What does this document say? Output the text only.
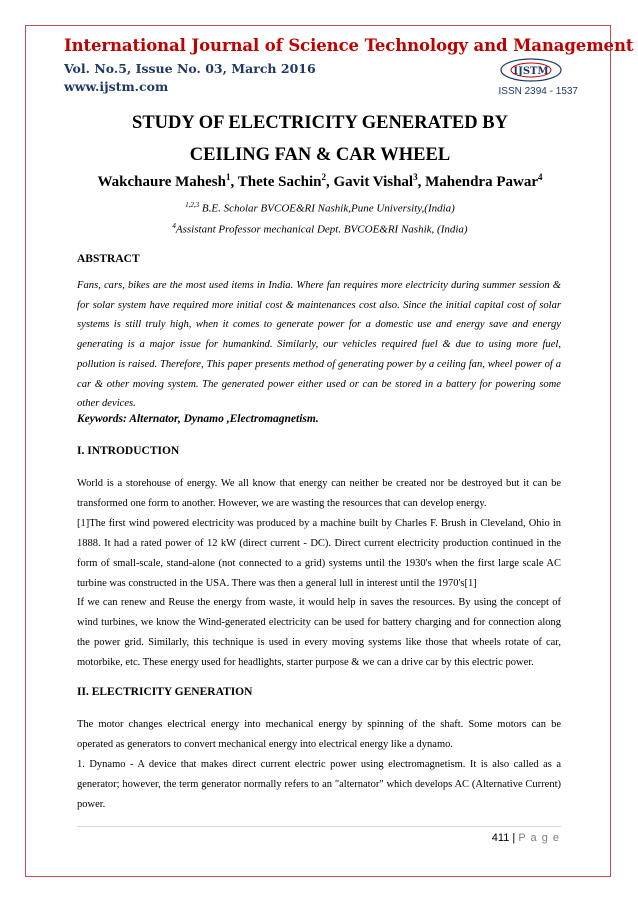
International Journal of Science Technology and Management
Vol. No.5, Issue No. 03, March 2016
www.ijstm.com
IJSTM
ISSN 2394 - 1537
STUDY OF ELECTRICITY GENERATED BY
CEILING FAN & CAR WHEEL
Wakchaure Mahesh$^1$, Thete Sachin$^2$, Gavit Vishal$^3$, Mahendra Pawar$^4$
$^{1,2,3}$ B.E. Scholar BVCOE&RI Nashik,Pune University,(India)
$^4$Assistant Professor mechanical Dept. BVCOE&RI Nashik, (India)
ABSTRACT

Fans, cars, bikes are the most used items in India. Where fan requires more electricity during summer session & for solar system have required more initial cost & maintenances cost also. Since the initial capital cost of solar systems is still truly high, when it comes to generate power for a domestic use and energy save and energy generating is a major issue for humankind. Similarly, our vehicles required fuel & due to using more fuel, pollution is raised. Therefore, This paper presents method of generating power by a ceiling fan, wheel power of a car & other moving system. The generated power either used or can be stored in a battery for powering some other devices.

Keywords: Alternator, Dynamo ,Electromagnetism.
I. INTRODUCTION

World is a storehouse of energy. We all know that energy can neither be created nor be destroyed but it can be transformed one form to another. However, we are wasting the resources that can develop energy.

[1]The first wind powered electricity was produced by a machine built by Charles F. Brush in Cleveland, Ohio in 1888. It had a rated power of 12 kW (direct current - DC). Direct current electricity production continued in the form of small-scale, stand-alone (not connected to a grid) systems until the 1930's when the first large scale AC turbine was constructed in the USA. There was then a general lull in interest until the 1970's[1]

If we can renew and Reuse the energy from waste, it would help in saves the resources. By using the concept of wind turbines, we know the Wind-generated electricity can be used for battery charging and for connection along the power grid. Similarly, this technique is used in every moving systems like those that wheels rotate of car, motorbike, etc. These energy used for headlights, starter purpose & we can a drive car by this electric power.

II. ELECTRICITY GENERATION

The motor changes electrical energy into mechanical energy by spinning of the shaft. Some motors can be operated as generators to convert mechanical energy into electrical energy like a dynamo.

1. Dynamo - A device that makes direct current electric power using electromagnetism. It is also called as a generator; however, the term generator normally refers to an "alternator" which develops AC (Alternative Current) power.

411 | P a g e
